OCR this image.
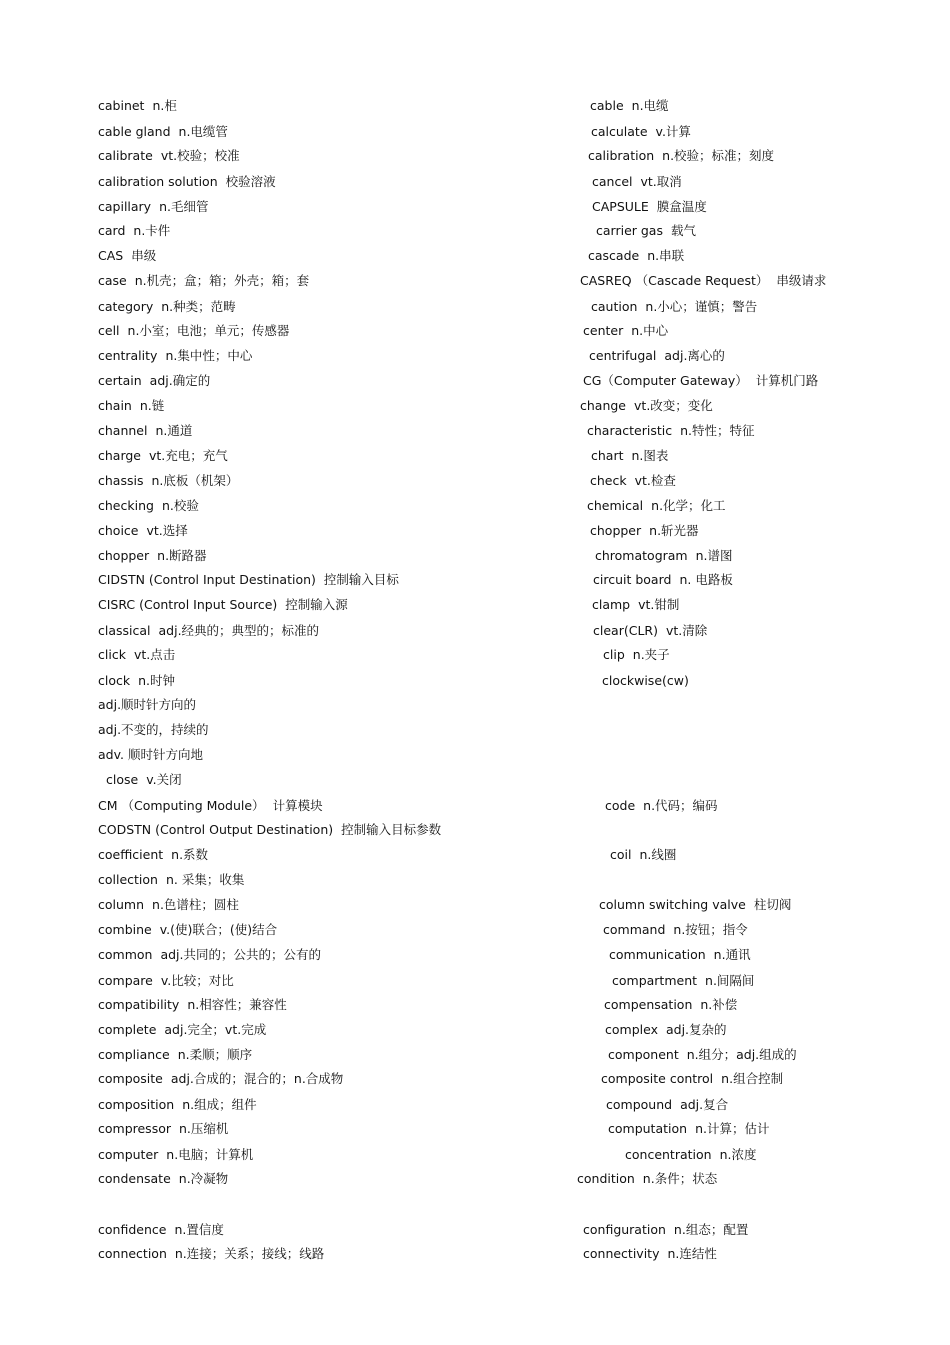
cabinet n.柜
cable gland n.电缆管
calibrate vt.校验；校准
calibration solution 校验溶液
capillary n.毛细管
card n.卡件
CAS 串级
case n.机壳；盒；箱；外壳；箱；套
category n.种类；范畴
cell n.小室；电池；单元；传感器
centrality n.集中性；中心
certain adj.确定的
chain n.链
channel n.通道
charge vt.充电；充气
chassis n.底板（机架）
checking n.校验
choice vt.选择
chopper n.断路器
CIDSTN (Control Input Destination) 控制输入目标
CISRC (Control Input Source) 控制输入源
classical adj.经典的；典型的；标准的
click vt.点击
clock n.时钟
adj.顺时针方向的
adj.不变的，持续的
adv. 顺时针方向地
close v.关闭
CM （Computing Module） 计算模块
CODSTN (Control Output Destination) 控制输入目标参数
coefficient n.系数
collection n. 采集；收集
column n.色谱柱；圆柱
combine v.(使)联合；(使)结合
common adj.共同的；公共的；公有的
compare v.比较；对比
compatibility n.相容性；兼容性
complete adj.完全；vt.完成
compliance n.柔顺；顺序
composite adj.合成的；混合的；n.合成物
composition n.组成；组件
compressor n.压缩机
computer n.电脑；计算机
condensate n.冷凝物
confidence n.置信度
connection n.连接；关系；接线；线路
cable n.电缆
calculate v.计算
calibration n.校验；标准；刻度
cancel vt.取消
CAPSULE 膜盒温度
carrier gas 载气
cascade n.串联
CASREQ （Cascade Request） 串级请求
caution n.小心；谨慎；警告
center n.中心
centrifugal adj.离心的
CG（Computer Gateway） 计算机门路
change vt.改变；变化
characteristic n.特性；特征
chart n.图表
check vt.检查
chemical n.化学；化工
chopper n.斩光器
chromatogram n.谱图
circuit board n. 电路板
clamp vt.钳制
clear(CLR) vt.清除
clip n.夹子
clockwise(cw)
code n.代码；编码
coil n.线圈
column switching valve 柱切阀
command n.按钮；指令
communication n.通讯
compartment n.间隔间
compensation n.补偿
complex adj.复杂的
component n.组分；adj.组成的
composite control n.组合控制
compound adj.复合
computation n.计算；估计
concentration n.浓度
condition n.条件；状态
configuration n.组态；配置
connectivity n.连结性
